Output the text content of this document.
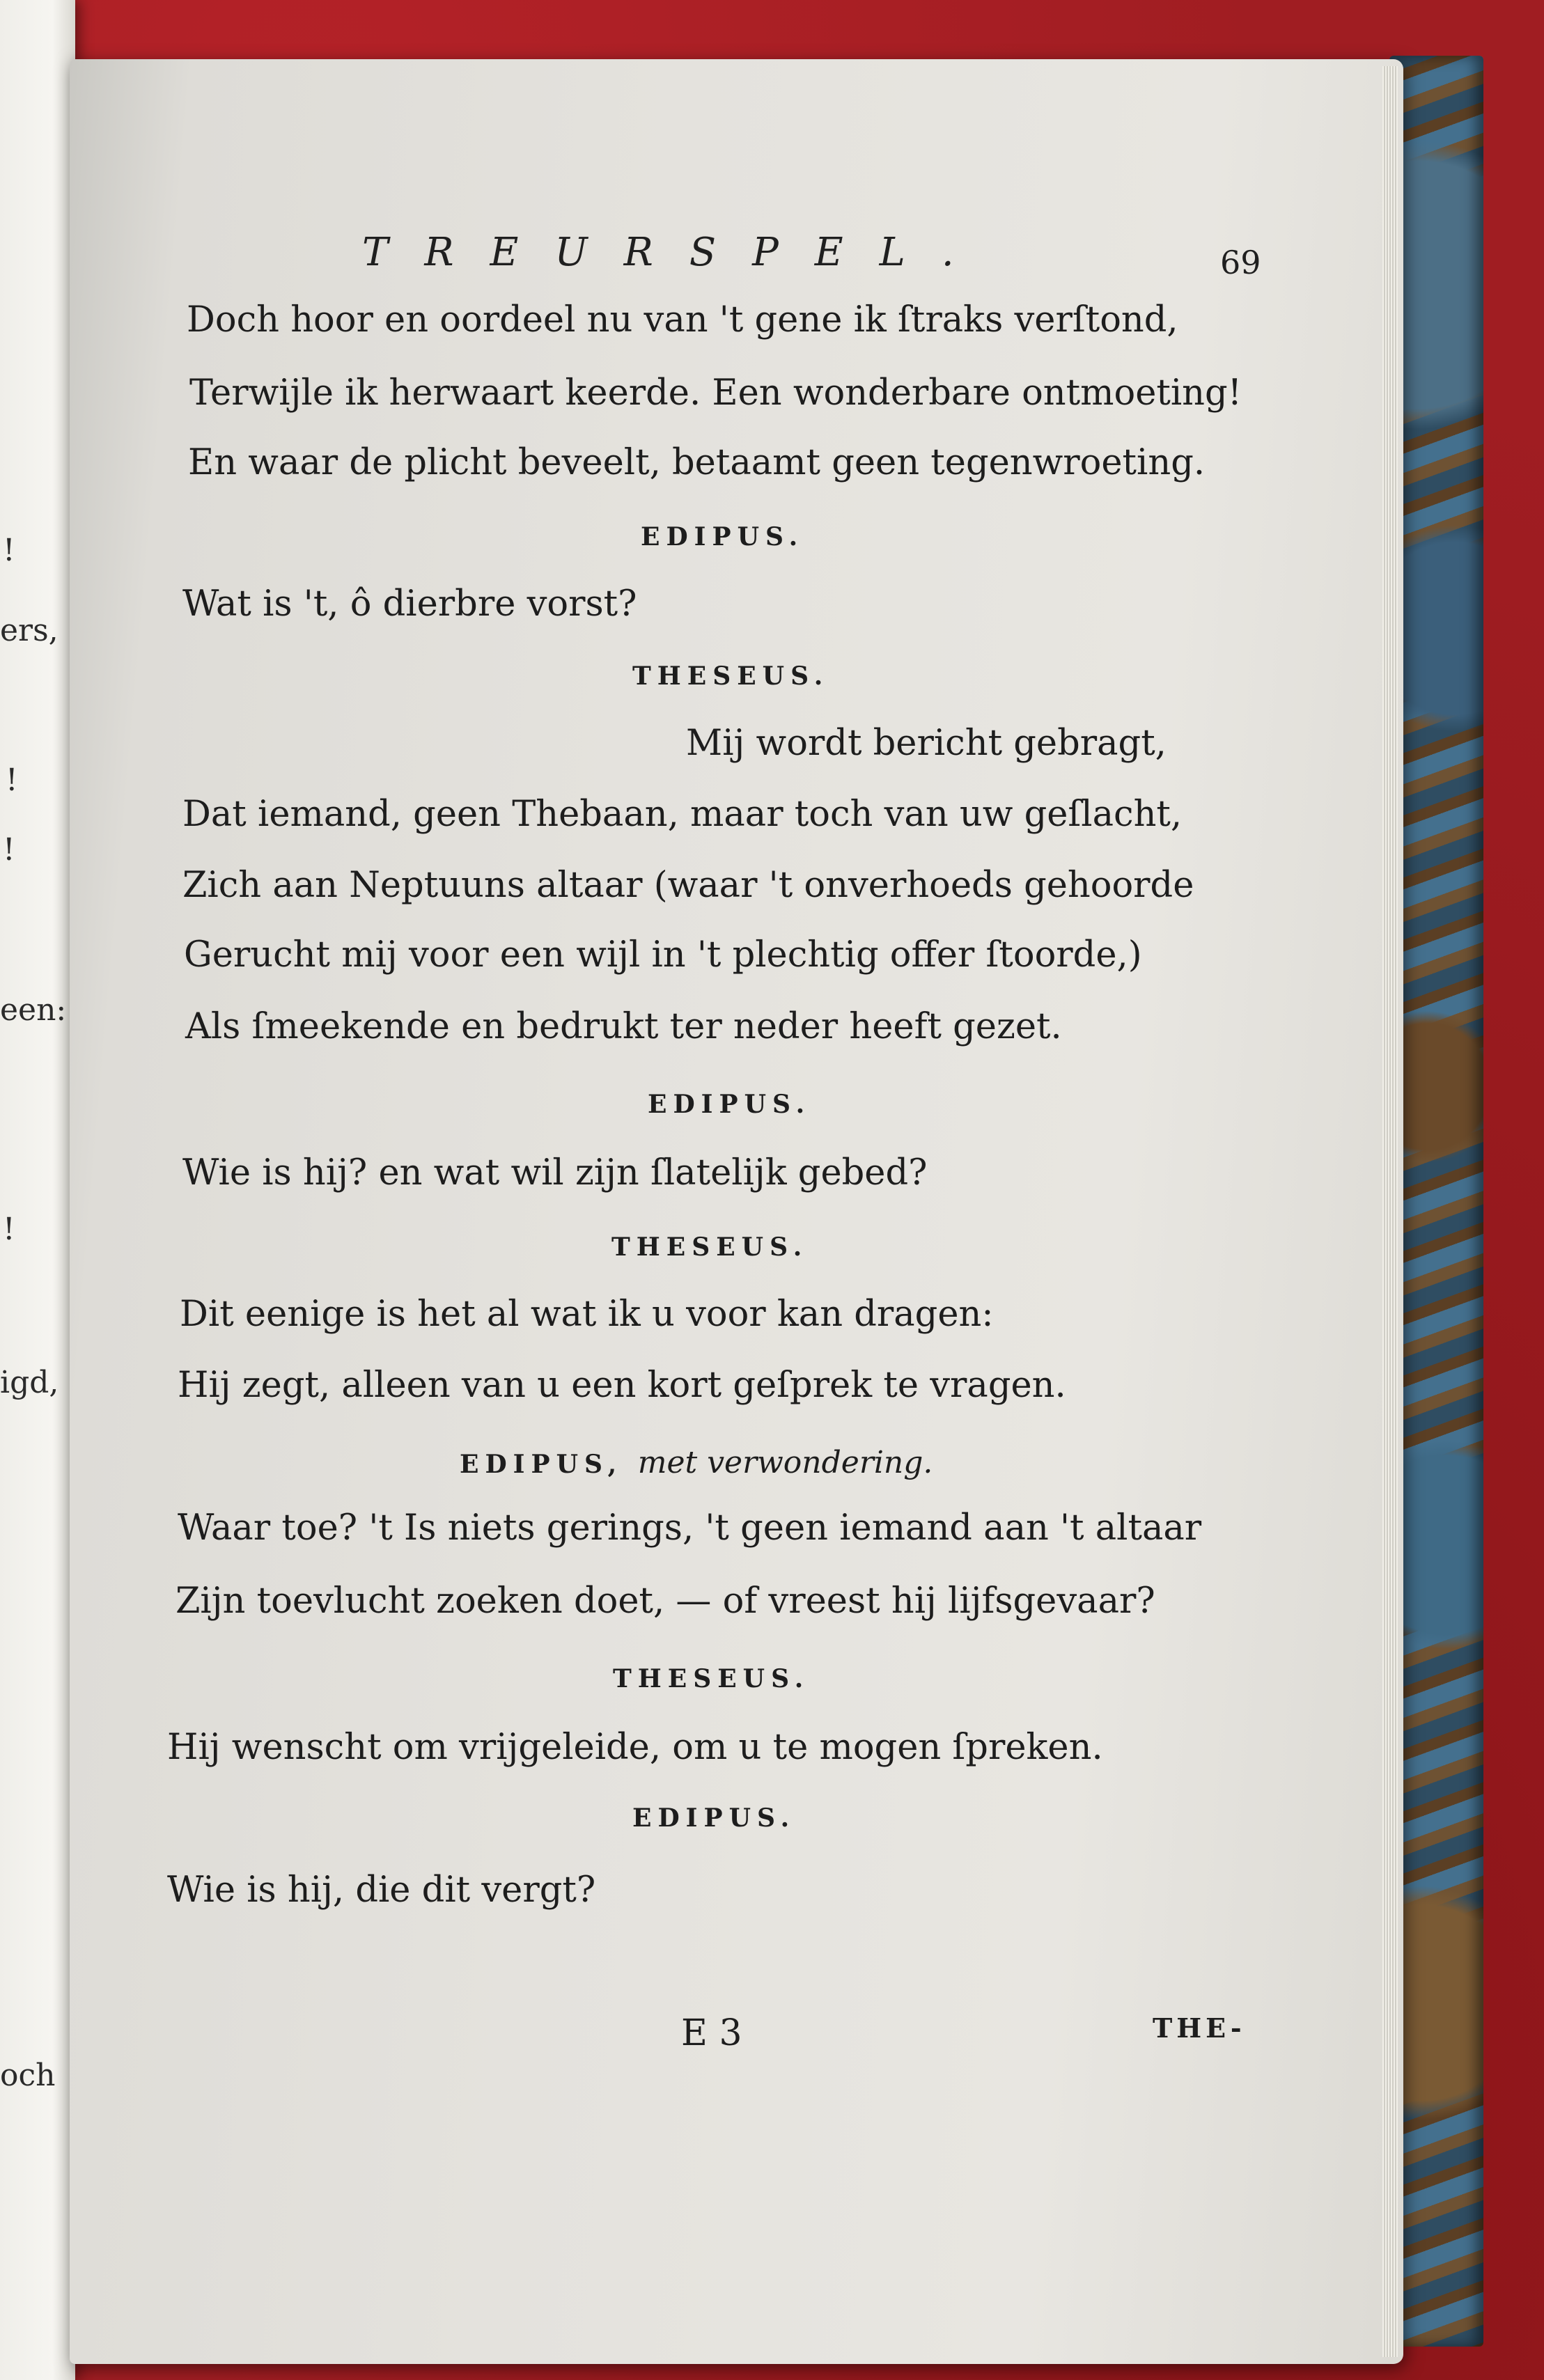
!
ers,
!
!
een:
!
igd,
och
TREURSPEL.	69
Doch hoor en oordeel nu van 't gene ik ſtraks verſtond,
Terwijle ik herwaart keerde. Een wonderbare ontmoeting!
En waar de plicht beveelt, betaamt geen tegenwroeting.
EDIPUS.
Wat is 't, ô dierbre vorst?
THESEUS.
Mij wordt bericht gebragt,
Dat iemand, geen Thebaan, maar toch van uw geſlacht,
Zich aan Neptuuns altaar (waar 't onverhoeds gehoorde
Gerucht mij voor een wijl in 't plechtig offer ſtoorde,)
Als ſmeekende en bedrukt ter neder heeft gezet.
EDIPUS.
Wie is hij? en wat wil zijn ſlatelijk gebed?
THESEUS.
Dit eenige is het al wat ik u voor kan dragen:
Hij zegt, alleen van u een kort geſprek te vragen.
EDIPUS, met verwondering.
Waar toe? 't Is niets gerings, 't geen iemand aan 't altaar
Zijn toevlucht zoeken doet, — of vreest hij lijfsgevaar?
THESEUS.
Hij wenscht om vrijgeleide, om u te mogen ſpreken.
EDIPUS.
Wie is hij, die dit vergt?
E 3	THE-
